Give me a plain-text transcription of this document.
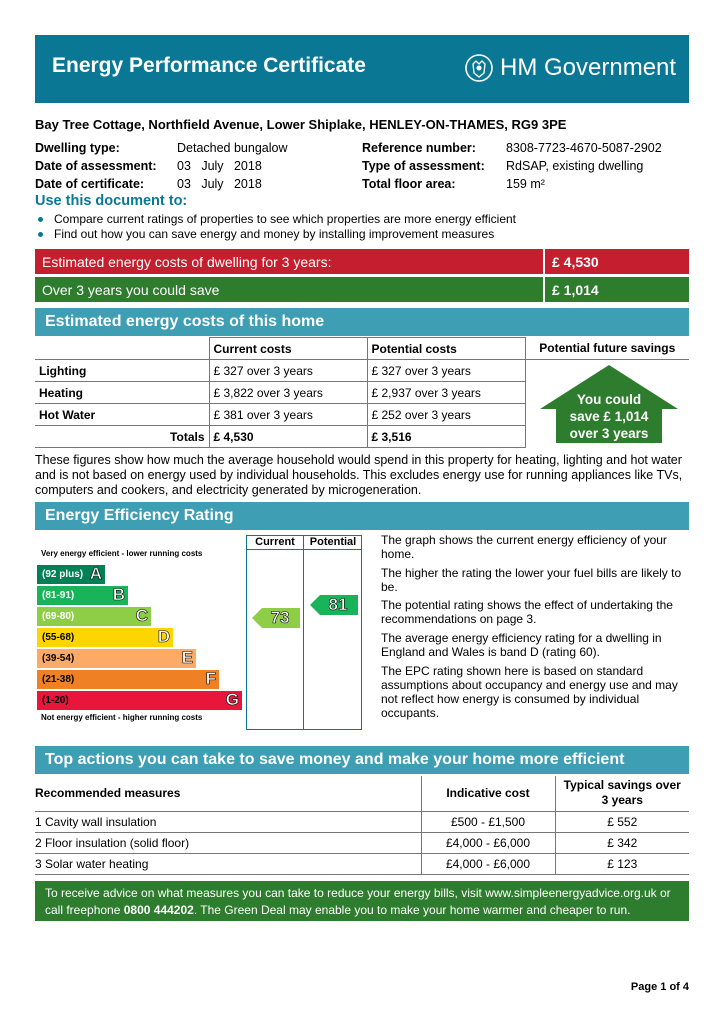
Energy Performance Certificate	HM Government
Bay Tree Cottage, Northfield Avenue, Lower Shiplake, HENLEY-ON-THAMES, RG9 3PE
Dwelling type:	Detached bungalow
Date of assessment:	03   July   2018
Date of certificate:	03   July   2018
Reference number:	8308-7723-4670-5087-2902
Type of assessment:	RdSAP, existing dwelling
Total floor area:	159 m²
Use this document to:
Compare current ratings of properties to see which properties are more energy efficient
Find out how you can save energy and money by installing improvement measures
Estimated energy costs of dwelling for 3 years:	£ 4,530
Over 3 years you could save	£ 1,014
Estimated energy costs of this home
	Current costs	Potential costs	Potential future savings
Lighting	£ 327 over 3 years	£ 327 over 3 years	
Heating	£ 3,822 over 3 years	£ 2,937 over 3 years	
Hot Water	£ 381 over 3 years	£ 252 over 3 years	
Totals	£ 4,530	£ 3,516	
You could
save £ 1,014
over 3 years
These figures show how much the average household would spend in this property for heating, lighting and hot water and is not based on energy used by individual households. This excludes energy use for running appliances like TVs, computers and cookers, and electricity generated by microgeneration.
Energy Efficiency Rating
Current	Potential
Very energy efficient - lower running costs
(92 plus) A
(81-91) B
(69-80)	C
(55-68)	D
(39-54)	E
(21-38)	F
(1-20)	G
Not energy efficient - higher running costs
73
81
The graph shows the current energy efficiency of your home.
The higher the rating the lower your fuel bills are likely to be.
The potential rating shows the effect of undertaking the recommendations on page 3.
The average energy efficiency rating for a dwelling in England and Wales is band D (rating 60).
The EPC rating shown here is based on standard assumptions about occupancy and energy use and may not reflect how energy is consumed by individual occupants.
Top actions you can take to save money and make your home more efficient
Recommended measures	Indicative cost	Typical savings over 3 years
1 Cavity wall insulation	£500 - £1,500	£ 552
2 Floor insulation (solid floor)	£4,000 - £6,000	£ 342
3 Solar water heating	£4,000 - £6,000	£ 123
To receive advice on what measures you can take to reduce your energy bills, visit www.simpleenergyadvice.org.uk or
call freephone 0800 444202. The Green Deal may enable you to make your home warmer and cheaper to run.
Page 1 of 4
